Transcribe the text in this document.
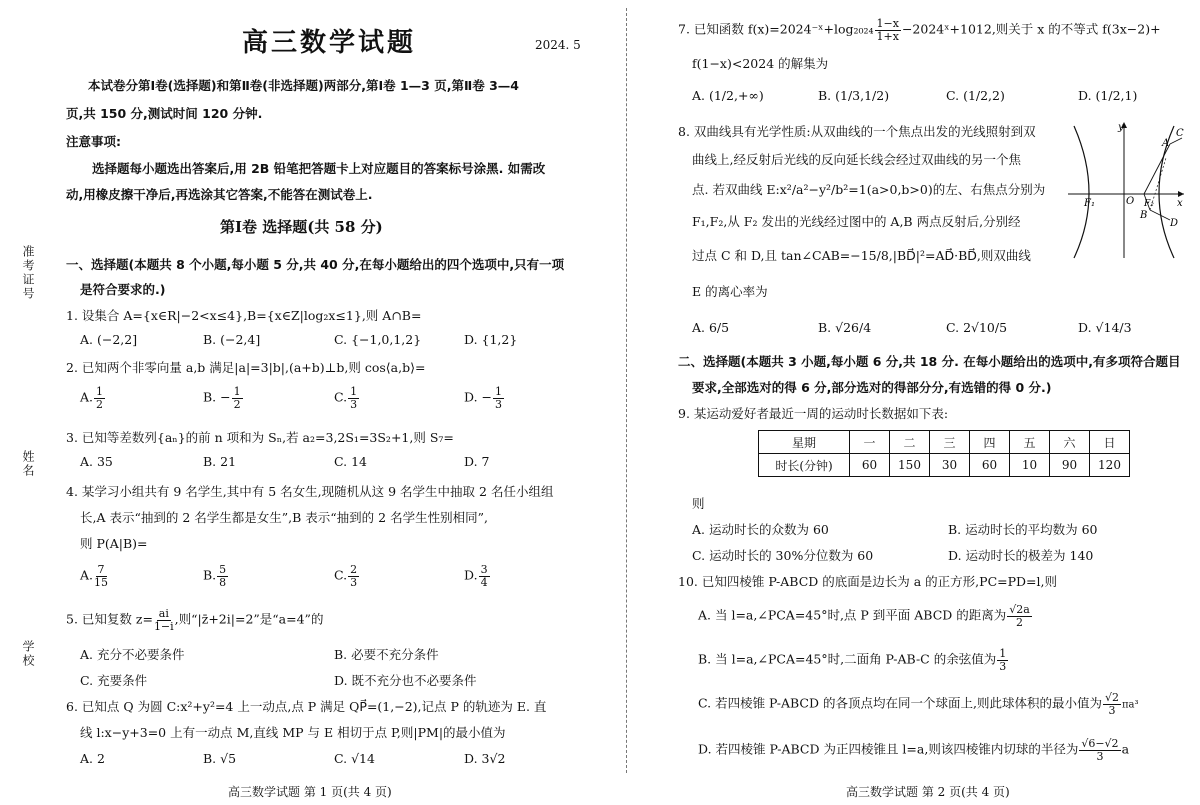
准考证号
姓名
学校
高三数学试题	2024. 5
本试卷分第Ⅰ卷(选择题)和第Ⅱ卷(非选择题)两部分,第Ⅰ卷 1—3 页,第Ⅱ卷 3—4
页,共 150 分,测试时间 120 分钟.
注意事项:
选择题每小题选出答案后,用 2B 铅笔把答题卡上对应题目的答案标号涂黑. 如需改
动,用橡皮擦干净后,再选涂其它答案,不能答在测试卷上.
第Ⅰ卷 选择题(共 58 分)
一、选择题(本题共 8 个小题,每小题 5 分,共 40 分,在每小题给出的四个选项中,只有一项
是符合要求的.)
1. 设集合 A={x∈R|−2<x≤4},B={x∈Z|log₂x≤1},则 A∩B=
A. (−2,2]	B. (−2,4]	C. {−1,0,1,2}	D. {1,2}
2. 已知两个非零向量 a,b 满足|a|=3|b|,(a+b)⊥b,则 cos⟨a,b⟩=
A. $\frac{1}{2}$	B. − $\frac{1}{2}$	C. $\frac{1}{3}$	D. − $\frac{1}{3}$
3. 已知等差数列{aₙ}的前 n 项和为 Sₙ,若 a₂=3,2S₁=3S₂+1,则 S₇=
A. 35	B. 21	C. 14	D. 7
4. 某学习小组共有 9 名学生,其中有 5 名女生,现随机从这 9 名学生中抽取 2 名任小组组
长,A 表示“抽到的 2 名学生都是女生”,B 表示“抽到的 2 名学生性别相同”,
则 P(A|B)=
A. $\frac{7}{15}$	B. $\frac{5}{8}$	C. $\frac{2}{3}$	D. $\frac{3}{4}$
5. 已知复数 $z= \frac{ai}{1-i}$ ,则“|z̄+2i|=2”是“a=4”的
A. 充分不必要条件	B. 必要不充分条件
C. 充要条件	D. 既不充分也不必要条件
6. 已知点 Q 为圆 C:x²+y²=4 上一动点,点 P 满足 QP⃗=(1,−2),记点 P 的轨迹为 E. 直
线 l:x−y+3=0 上有一动点 M,直线 MP 与 E 相切于点 P,则|PM|的最小值为
A. 2	B. √5	C. √14	D. 3√2
高三数学试题 第 1 页(共 4 页)
7. 已知函数 f(x)=2024⁻ˣ+log₂₀₂₄ $\frac{1-x}{1+x}$ −2024ˣ+1012,则关于 x 的不等式 f(3x−2)+
f(1−x)<2024 的解集为
A. (1/2,+∞)	B. (1/3,1/2)	C. (1/2,2)	D. (1/2,1)
8. 双曲线具有光学性质:从双曲线的一个焦点出发的光线照射到双
曲线上,经反射后光线的反向延长线会经过双曲线的另一个焦
点. 若双曲线 E:x²/a²−y²/b²=1(a>0,b>0)的左、右焦点分别为
F₁,F₂,从 F₂ 发出的光线经过图中的 A,B 两点反射后,分别经
过点 C 和 D,且 tan∠CAB=−15/8,|BD⃗|²=AD⃗·BD⃗,则双曲线
E 的离心率为
A. 6/5	B. √26/4	C. 2√10/5	D. √14/3
y
x
F₁	O F₂
A
C
B
D
二、选择题(本题共 3 小题,每小题 6 分,共 18 分. 在每小题给出的选项中,有多项符合题目
要求,全部选对的得 6 分,部分选对的得部分分,有选错的得 0 分.)
9. 某运动爱好者最近一周的运动时长数据如下表:
星期	一	二	三	四	五	六	日
时长(分钟)	60	150	30	60	10	90	120
则
A. 运动时长的众数为 60	B. 运动时长的平均数为 60
C. 运动时长的 30%分位数为 60	D. 运动时长的极差为 140
10. 已知四棱锥 P-ABCD 的底面是边长为 a 的正方形,PC=PD=l,则
A. 当 l=a,∠PCA=45°时,点 P 到平面 ABCD 的距离为 $\frac{√2a}{2}$
B. 当 l=a,∠PCA=45°时,二面角 P-AB-C 的余弦值为 $\frac{1}{3}$
C. 若四棱锥 P-ABCD 的各顶点均在同一个球面上,则此球体积的最小值为 $\frac{√2}{3} \pi a^3$
D. 若四棱锥 P-ABCD 为正四棱锥且 l=a,则该四棱锥内切球的半径为 $\frac{√6-√2}{3}$ a
高三数学试题 第 2 页(共 4 页)
